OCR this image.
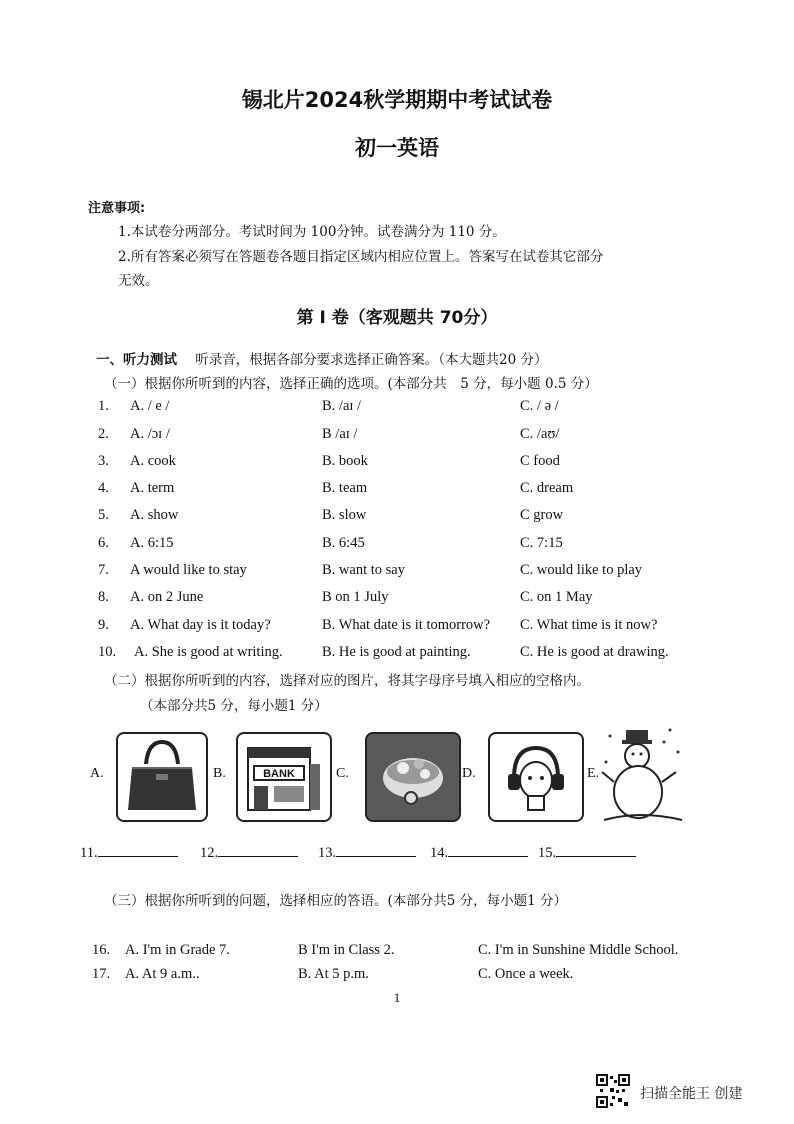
锡北片2024秋学期期中考试试卷
初一英语
注意事项:
1.本试卷分两部分。考试时间为 100分钟。试卷满分为 110 分。
2.所有答案必须写在答题卷各题目指定区域内相应位置上。答案写在试卷其它部分
无效。
第 I 卷（客观题共 70分）
一、听力测试 听录音，根据各部分要求选择正确答案。（本大题共20 分）
（一）根据你所听到的内容，选择正确的选项。(本部分共　5 分，每小题 0.5 分）
1. A. / e /	B. /aɪ /	C. / ə /
2. A. /ɔɪ /	B /aɪ /	C. /aʊ/
3. A. cook	B. book	C food
4. A. term	B. team	C. dream
5. A. show	B. slow	C grow
6. A. 6:15	B. 6:45	C. 7:15
7. A would like to stay	B. want to say	C. would like to play
8. A. on 2 June	B on 1 July	C. on 1 May
9. A. What day is it today?	B. What date is it tomorrow? C. What time is it now?
10. A. She is good at writing.	B. He is good at painting.	C. He is good at drawing.
（二）根据你所听到的内容，选择对应的图片，将其字母序号填入相应的空格内。
（本部分共5 分，每小题1 分）
A.	B.	BANK	C.	D.	E.
11.	12.	13.	14.	15.
（三）根据你所听到的问题，选择相应的答语。(本部分共5 分，每小题1 分）
16. A. I'm in Grade 7.	B I'm in Class 2.	C. I'm in Sunshine Middle School.
17. A. At 9 a.m..	B. At 5 p.m.	C. Once a week.
1
扫描全能王 创建
